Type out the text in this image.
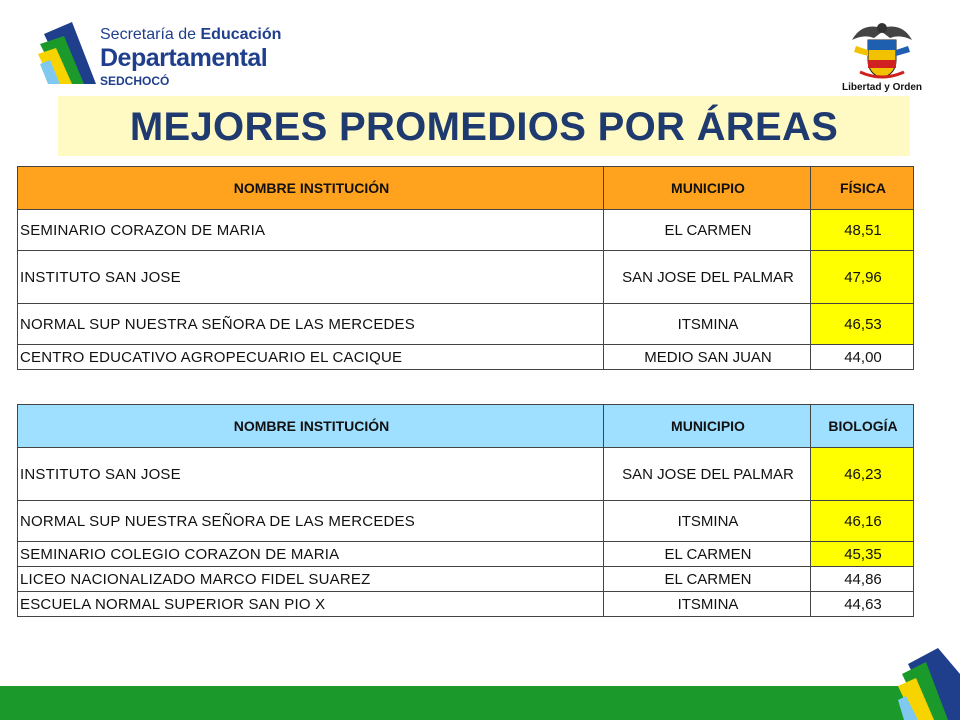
Secretaría de Educación
Departamental
SEDCHOCÓ	Libertad y Orden
MEJORES PROMEDIOS POR ÁREAS
NOMBRE INSTITUCIÓN	MUNICIPIO	FÍSICA
SEMINARIO CORAZON DE MARIA	EL CARMEN	48,51
INSTITUTO SAN JOSE	SAN JOSE DEL PALMAR	47,96
NORMAL SUP NUESTRA SEÑORA DE LAS MERCEDES	ITSMINA	46,53
CENTRO EDUCATIVO AGROPECUARIO EL CACIQUE	MEDIO SAN JUAN	44,00
NOMBRE INSTITUCIÓN	MUNICIPIO	BIOLOGÍA
INSTITUTO SAN JOSE	SAN JOSE DEL PALMAR	46,23
NORMAL SUP NUESTRA SEÑORA DE LAS MERCEDES	ITSMINA	46,16
SEMINARIO COLEGIO CORAZON DE MARIA	EL CARMEN	45,35
LICEO NACIONALIZADO MARCO FIDEL SUAREZ	EL CARMEN	44,86
ESCUELA NORMAL SUPERIOR SAN PIO X	ITSMINA	44,63
